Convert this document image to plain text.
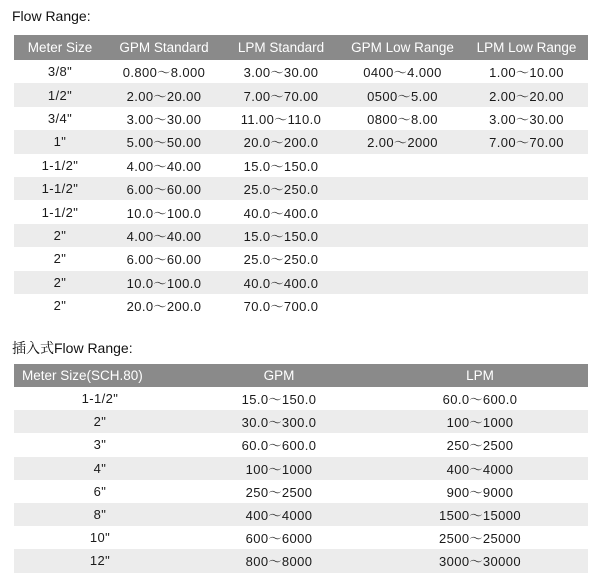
Flow Range:
Meter Size	GPM Standard	LPM Standard	GPM Low Range	LPM Low Range
3/8"	0.800～8.000	3.00～30.00	0400～4.000	1.00～10.00
1/2"	2.00～20.00	7.00～70.00	0500～5.00	2.00～20.00
3/4"	3.00～30.00	11.00～110.0	0800～8.00	3.00～30.00
1"	5.00～50.00	20.0～200.0	2.00～2000	7.00～70.00
1-1/2"	4.00～40.00	15.0～150.0		
1-1/2"	6.00～60.00	25.0～250.0		
1-1/2"	10.0～100.0	40.0～400.0		
2"	4.00～40.00	15.0～150.0		
2"	6.00～60.00	25.0～250.0		
2"	10.0～100.0	40.0～400.0		
2"	20.0～200.0	70.0～700.0		
插入式Flow Range:
Meter Size(SCH.80)	GPM	LPM
1-1/2"	15.0～150.0	60.0～600.0
2"	30.0～300.0	100～1000
3"	60.0～600.0	250～2500
4"	100～1000	400～4000
6"	250～2500	900～9000
8"	400～4000	1500～15000
10"	600～6000	2500～25000
12"	800～8000	3000～30000
